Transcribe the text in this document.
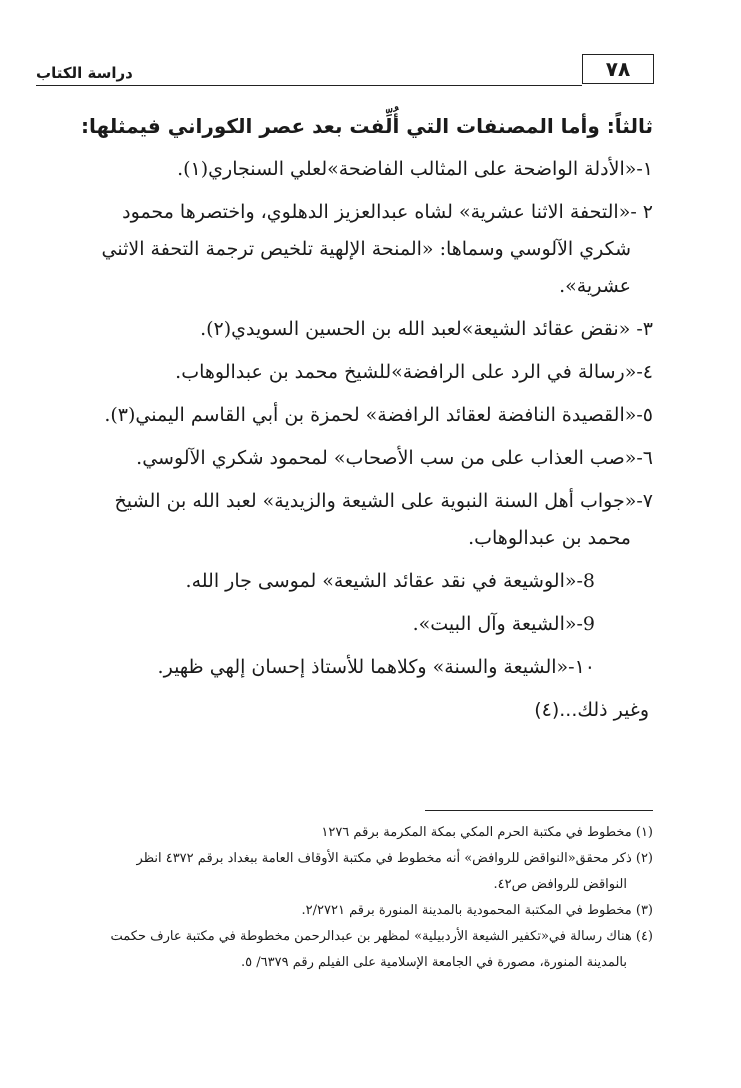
٧٨
دراسة الكتاب
ثالثاً: وأما المصنفات التي أُلِّفت بعد عصر الكوراني فيمثلها:
١-«الأدلة الواضحة على المثالب الفاضحة»لعلي السنجاري(١).
٢ -«التحفة الاثنا عشرية» لشاه عبدالعزيز الدهلوي، واختصرها محمود
شكري الآلوسي وسماها: «المنحة الإلهية تلخيص ترجمة التحفة الاثني
عشرية».
٣- «نقض عقائد الشيعة»لعبد الله بن الحسين السويدي(٢).
٤-«رسالة في الرد على الرافضة»للشيخ محمد بن عبدالوهاب.
٥-«القصيدة النافضة لعقائد الرافضة» لحمزة بن أبي القاسم اليمني(٣).
٦-«صب العذاب على من سب الأصحاب» لمحمود شكري الآلوسي.
٧-«جواب أهل السنة النبوية على الشيعة والزيدية» لعبد الله بن الشيخ
محمد بن عبدالوهاب.
8-«الوشيعة في نقد عقائد الشيعة» لموسى جار الله.
9-«الشيعة وآل البيت».
١٠-«الشيعة والسنة» وكلاهما للأستاذ إحسان إلهي ظهير.
وغير ذلك...(٤)
(١) مخطوط في مكتبة الحرم المكي بمكة المكرمة برقم ١٢٧٦
(٢) ذكر محقق«النواقض للروافض» أنه مخطوط في مكتبة الأوقاف العامة ببغداد برقم ٤٣٧٢ انظر
النواقض للروافض ص٤٢.
(٣) مخطوط في المكتبة المحمودية بالمدينة المنورة برقم ٢/٢٧٢١.
(٤) هناك رسالة في«تكفير الشيعة الأردبيلية» لمظهر بن عبدالرحمن مخطوطة في مكتبة عارف حكمت
بالمدينة المنورة، مصورة في الجامعة الإسلامية على الفيلم رقم ٦٣٧٩/ ٥.
